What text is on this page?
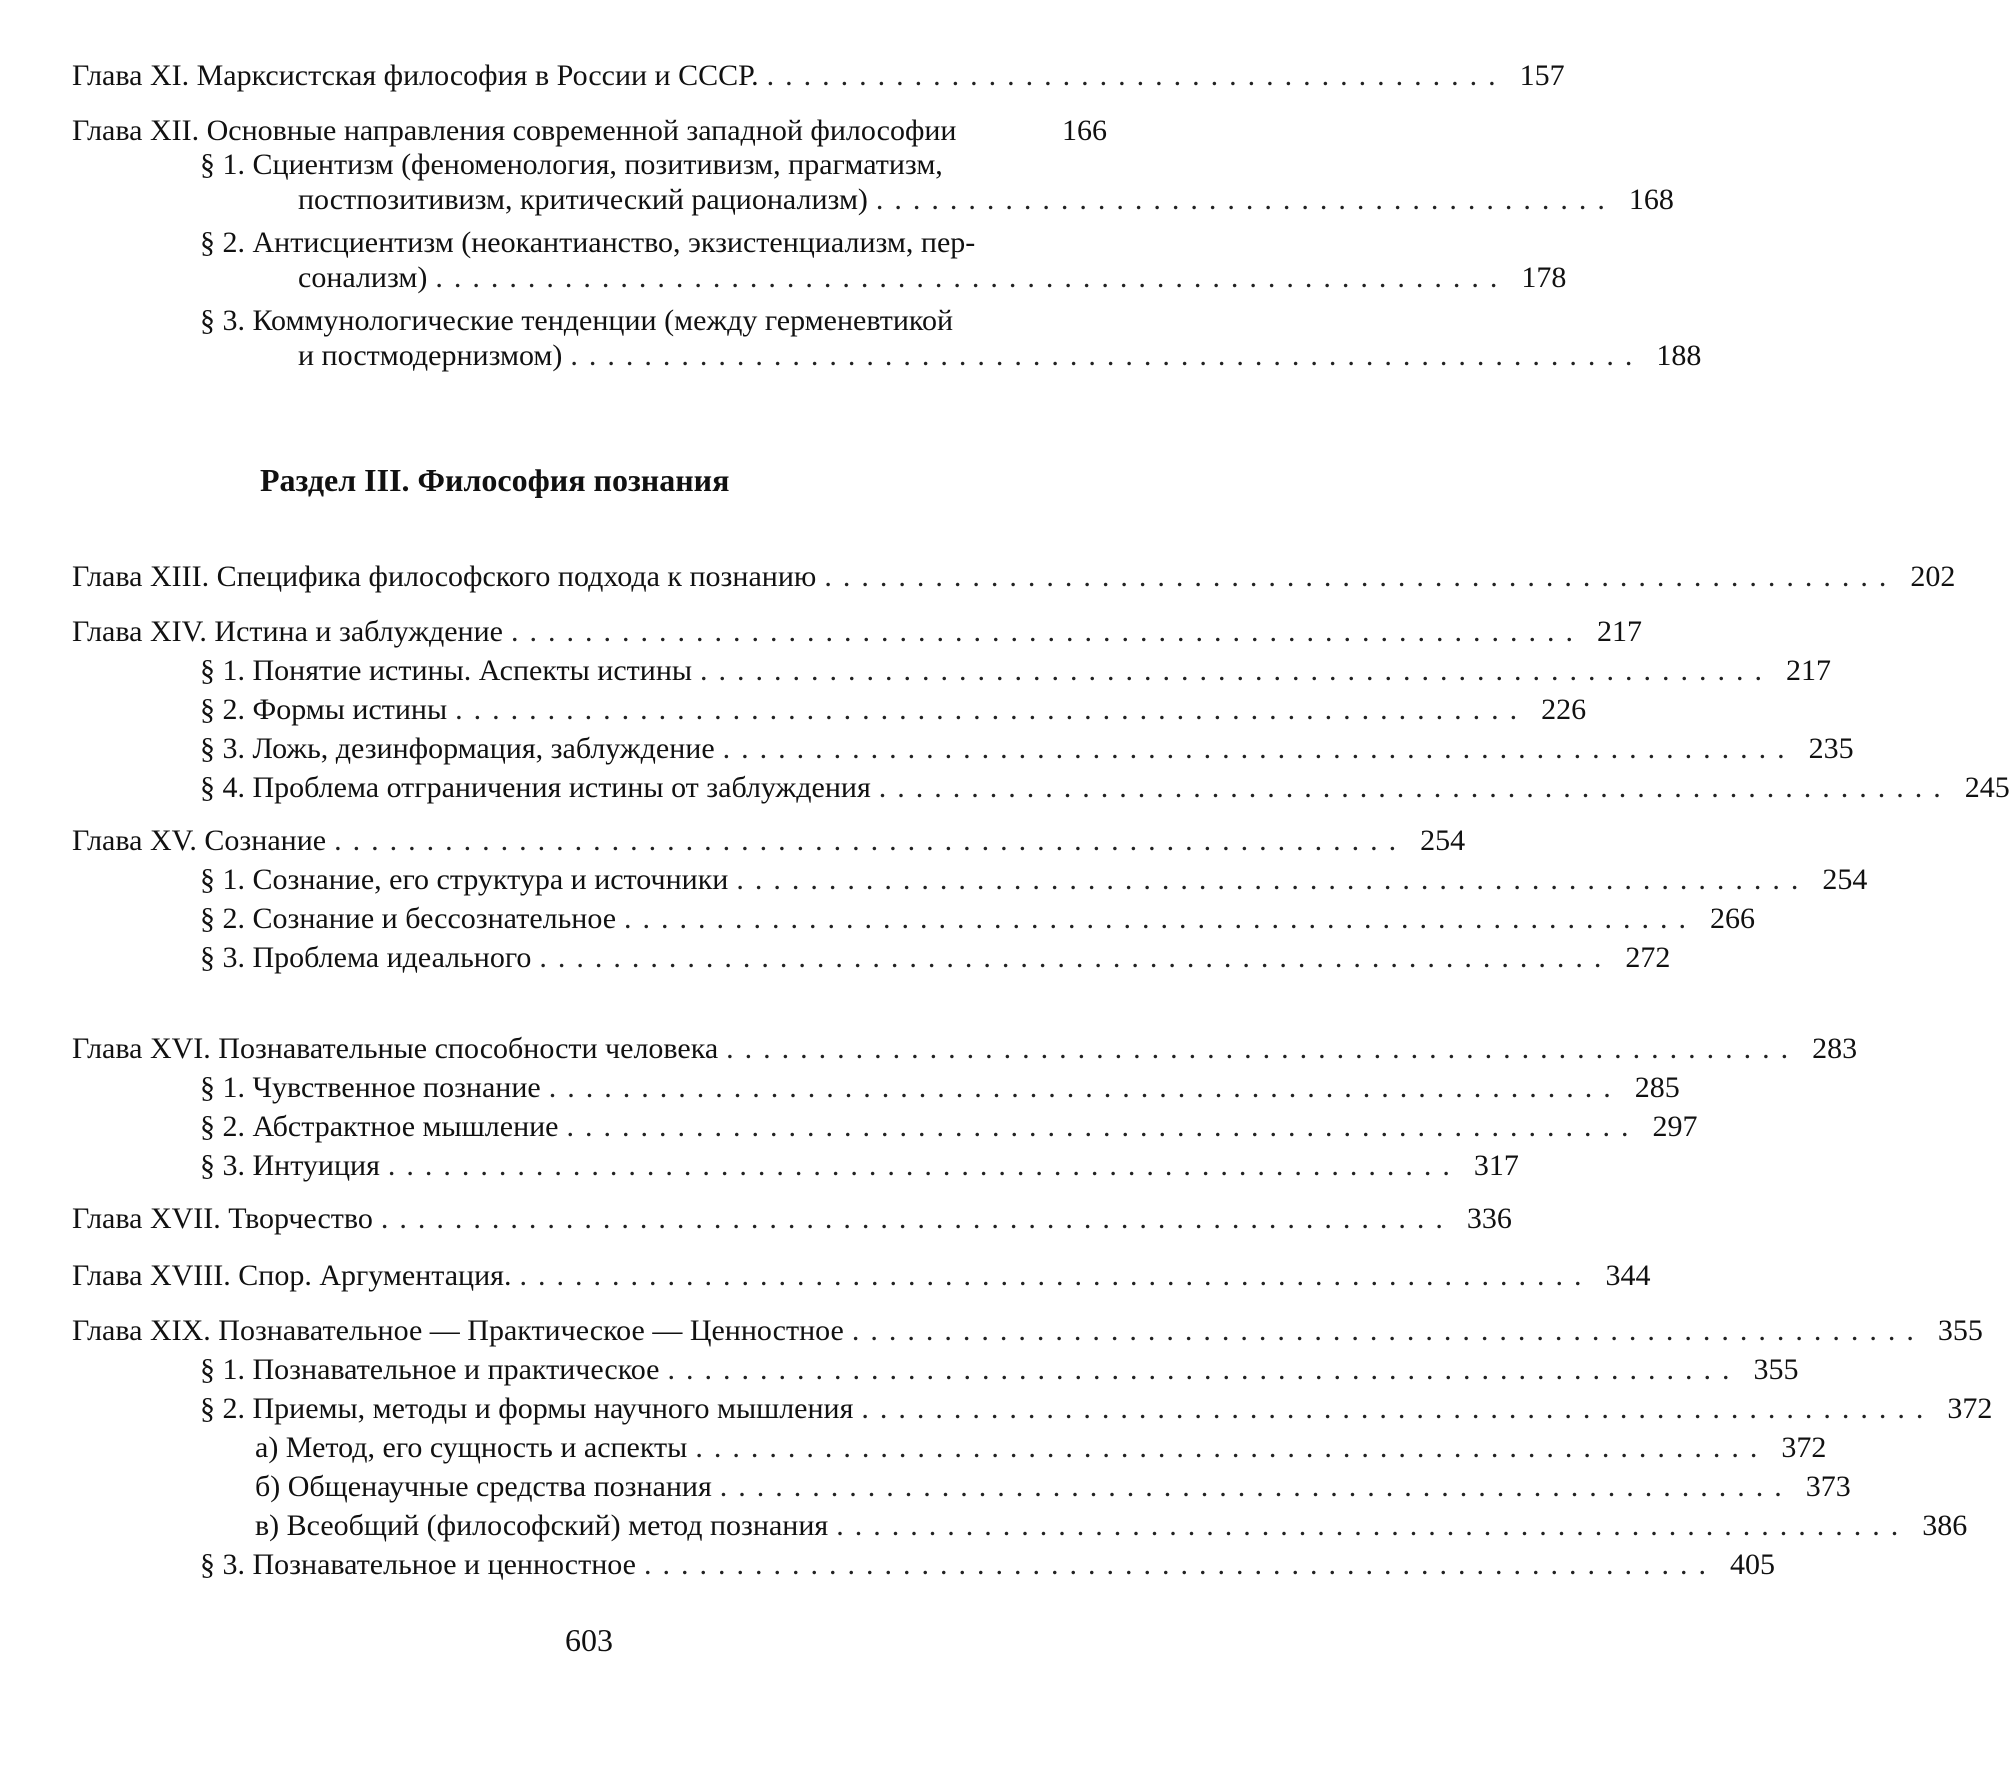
Глава XI. Марксистская философия в России и СССР. ........................................ 157
Глава XII. Основные направления современной западной философии	166
§ 1. Сциентизм (феноменология, позитивизм, прагматизм,
постпозитивизм, критический рационализм) ........................................ 168
§ 2. Антисциентизм (неокантианство, экзистенциализм, пер-
сонализм) .......................................................... 178
§ 3. Коммунологические тенденции (между герменевтикой
и постмодернизмом) .......................................................... 188
Раздел III. Философия познания
Глава XIII. Специфика философского подхода к познанию .......................................................... 202
Глава XIV. Истина и заблуждение .......................................................... 217
§ 1. Понятие истины. Аспекты истины .......................................................... 217
§ 2. Формы истины .......................................................... 226
§ 3. Ложь, дезинформация, заблуждение .......................................................... 235
§ 4. Проблема отграничения истины от заблуждения .......................................................... 245
Глава XV. Сознание .......................................................... 254
§ 1. Сознание, его структура и источники .......................................................... 254
§ 2. Сознание и бессознательное .......................................................... 266
§ 3. Проблема идеального .......................................................... 272
Глава XVI. Познавательные способности человека .......................................................... 283
§ 1. Чувственное познание .......................................................... 285
§ 2. Абстрактное мышление .......................................................... 297
§ 3. Интуиция .......................................................... 317
Глава XVII. Творчество .......................................................... 336
Глава XVIII. Спор. Аргументация. .......................................................... 344
Глава XIX. Познавательное — Практическое — Ценностное .......................................................... 355
§ 1. Познавательное и практическое .......................................................... 355
§ 2. Приемы, методы и формы научного мышления .......................................................... 372
а) Метод, его сущность и аспекты .......................................................... 372
б) Общенаучные средства познания .......................................................... 373
в) Всеобщий (философский) метод познания .......................................................... 386
§ 3. Познавательное и ценностное .......................................................... 405
603
